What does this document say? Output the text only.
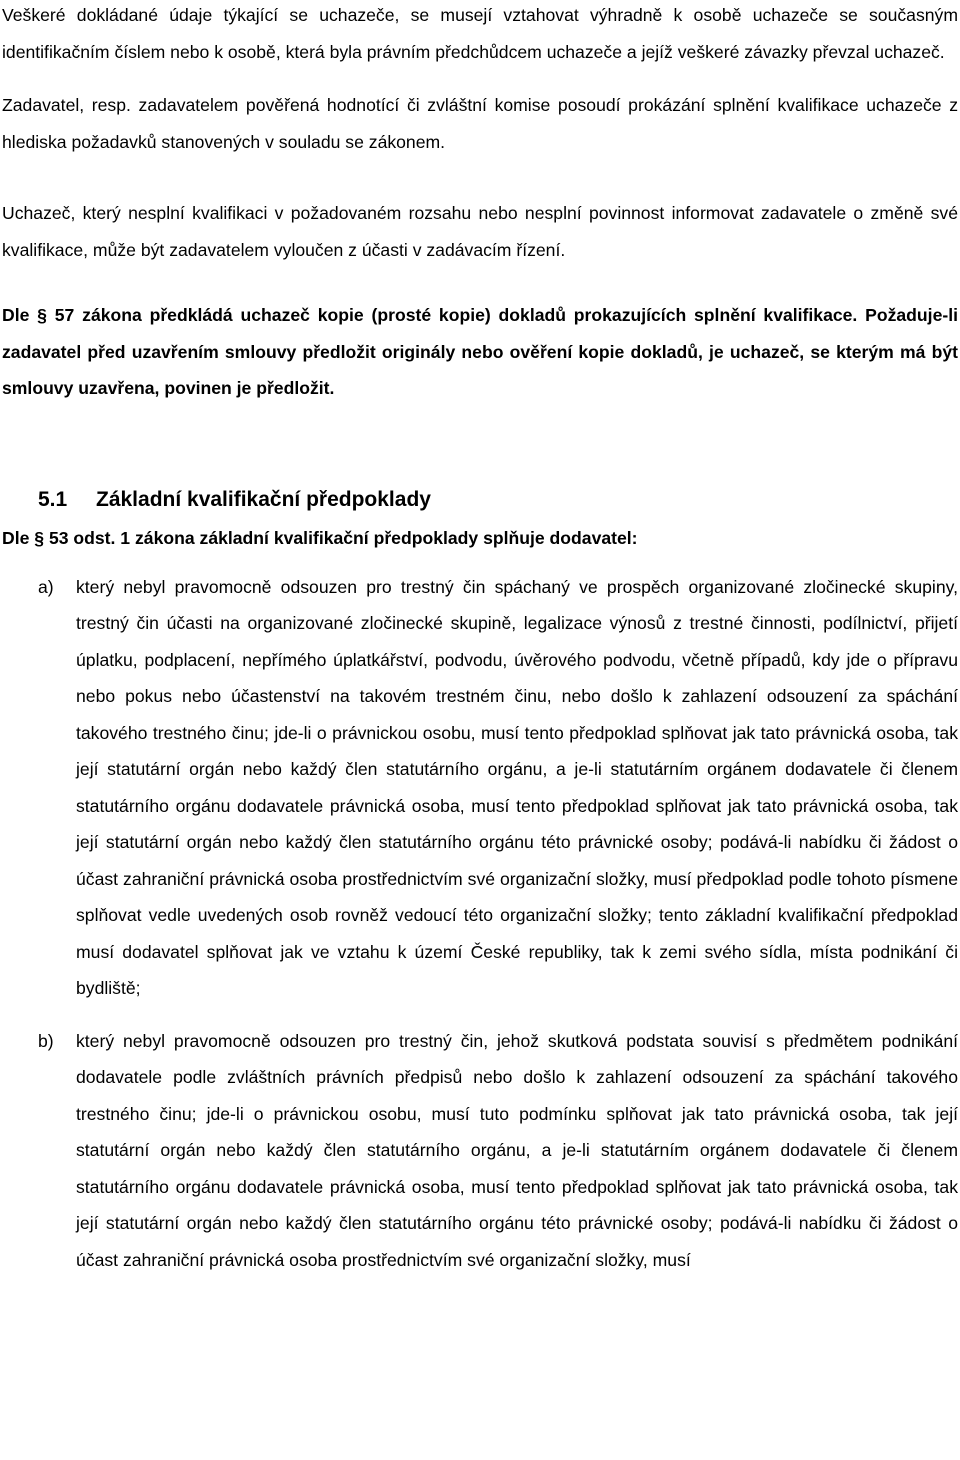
Veškeré dokládané údaje týkající se uchazeče, se musejí vztahovat výhradně k osobě uchazeče se současným identifikačním číslem nebo k osobě, která byla právním předchůdcem uchazeče a jejíž veškeré závazky převzal uchazeč.

Zadavatel, resp. zadavatelem pověřená hodnotící či zvláštní komise posoudí prokázání splnění kvalifikace uchazeče z hlediska požadavků stanovených v souladu se zákonem.

Uchazeč, který nesplní kvalifikaci v požadovaném rozsahu nebo nesplní povinnost informovat zadavatele o změně své kvalifikace, může být zadavatelem vyloučen z účasti v zadávacím řízení.

Dle § 57 zákona předkládá uchazeč kopie (prosté kopie) dokladů prokazujících splnění kvalifikace. Požaduje-li zadavatel před uzavřením smlouvy předložit originály nebo ověření kopie dokladů, je uchazeč, se kterým má být smlouvy uzavřena, povinen je předložit.

5.1 Základní kvalifikační předpoklady

Dle § 53 odst. 1 zákona základní kvalifikační předpoklady splňuje dodavatel:

a)	který nebyl pravomocně odsouzen pro trestný čin spáchaný ve prospěch organizované zločinecké skupiny, trestný čin účasti na organizované zločinecké skupině, legalizace výnosů z trestné činnosti, podílnictví, přijetí úplatku, podplacení, nepřímého úplatkářství, podvodu, úvěrového podvodu, včetně případů, kdy jde o přípravu nebo pokus nebo účastenství na takovém trestném činu, nebo došlo k zahlazení odsouzení za spáchání takového trestného činu; jde-li o právnickou osobu, musí tento předpoklad splňovat jak tato právnická osoba, tak její statutární orgán nebo každý člen statutárního orgánu, a je-li statutárním orgánem dodavatele či členem statutárního orgánu dodavatele právnická osoba, musí tento předpoklad splňovat jak tato právnická osoba, tak její statutární orgán nebo každý člen statutárního orgánu této právnické osoby; podává-li nabídku či žádost o účast zahraniční právnická osoba prostřednictvím své organizační složky, musí předpoklad podle tohoto písmene splňovat vedle uvedených osob rovněž vedoucí této organizační složky; tento základní kvalifikační předpoklad musí dodavatel splňovat jak ve vztahu k území České republiky, tak k zemi svého sídla, místa podnikání či bydliště;
b)	který nebyl pravomocně odsouzen pro trestný čin, jehož skutková podstata souvisí s předmětem podnikání dodavatele podle zvláštních právních předpisů nebo došlo k zahlazení odsouzení za spáchání takového trestného činu; jde-li o právnickou osobu, musí tuto podmínku splňovat jak tato právnická osoba, tak její statutární orgán nebo každý člen statutárního orgánu, a je-li statutárním orgánem dodavatele či členem statutárního orgánu dodavatele právnická osoba, musí tento předpoklad splňovat jak tato právnická osoba, tak její statutární orgán nebo každý člen statutárního orgánu této právnické osoby; podává-li nabídku či žádost o účast zahraniční právnická osoba prostřednictvím své organizační složky, musí
